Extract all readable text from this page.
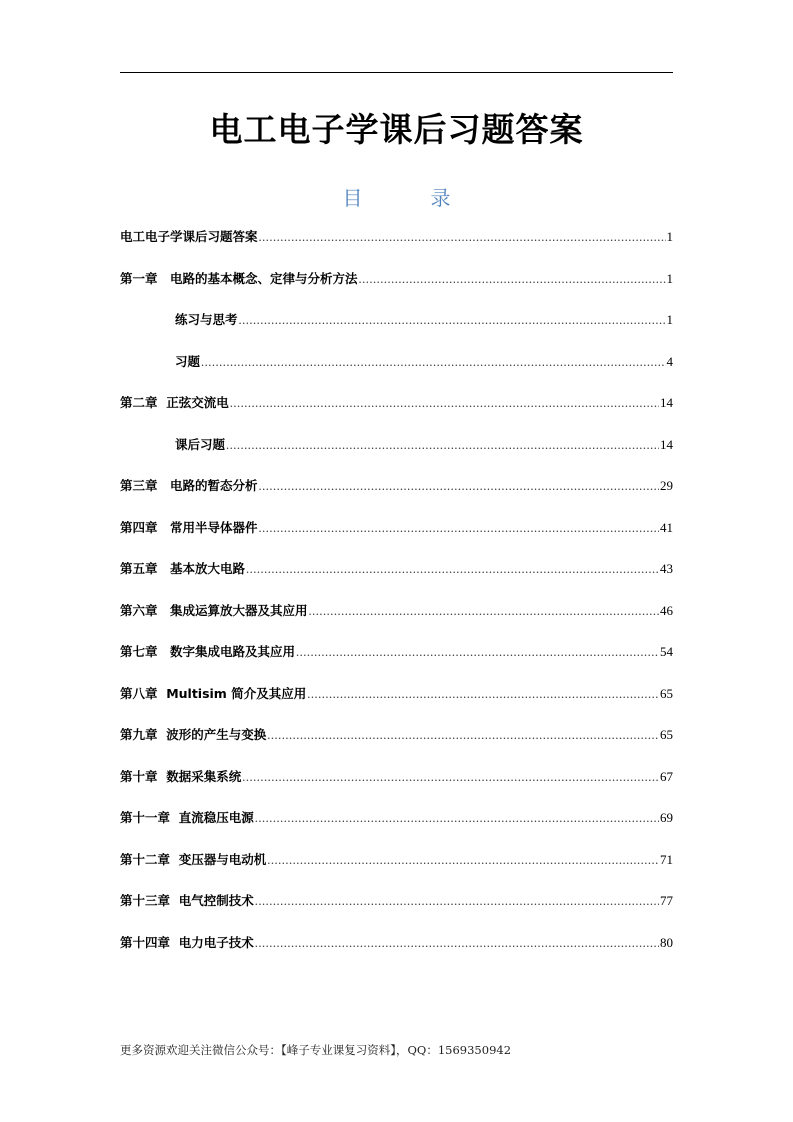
电工电子学课后习题答案
目	录
电工电子学课后习题答案 .....	1
第一章　电路的基本概念、定律与分析方法 .....	1
练习与思考 .....	1
习题 .....	4
第二章  正弦交流电 .....	14
课后习题 .....	14
第三章　电路的暂态分析 .....	29
第四章　常用半导体器件 .....	41
第五章　基本放大电路 .....	43
第六章　集成运算放大器及其应用 .....	46
第七章　数字集成电路及其应用 .....	54
第八章  Multisim 简介及其应用 .....	65
第九章  波形的产生与变换 .....	65
第十章  数据采集系统 .....	67
第十一章  直流稳压电源 .....	69
第十二章  变压器与电动机 .....	71
第十三章  电气控制技术 .....	77
第十四章  电力电子技术 .....	80
更多资源欢迎关注微信公众号：【峰子专业课复习资料】，QQ：1569350942
